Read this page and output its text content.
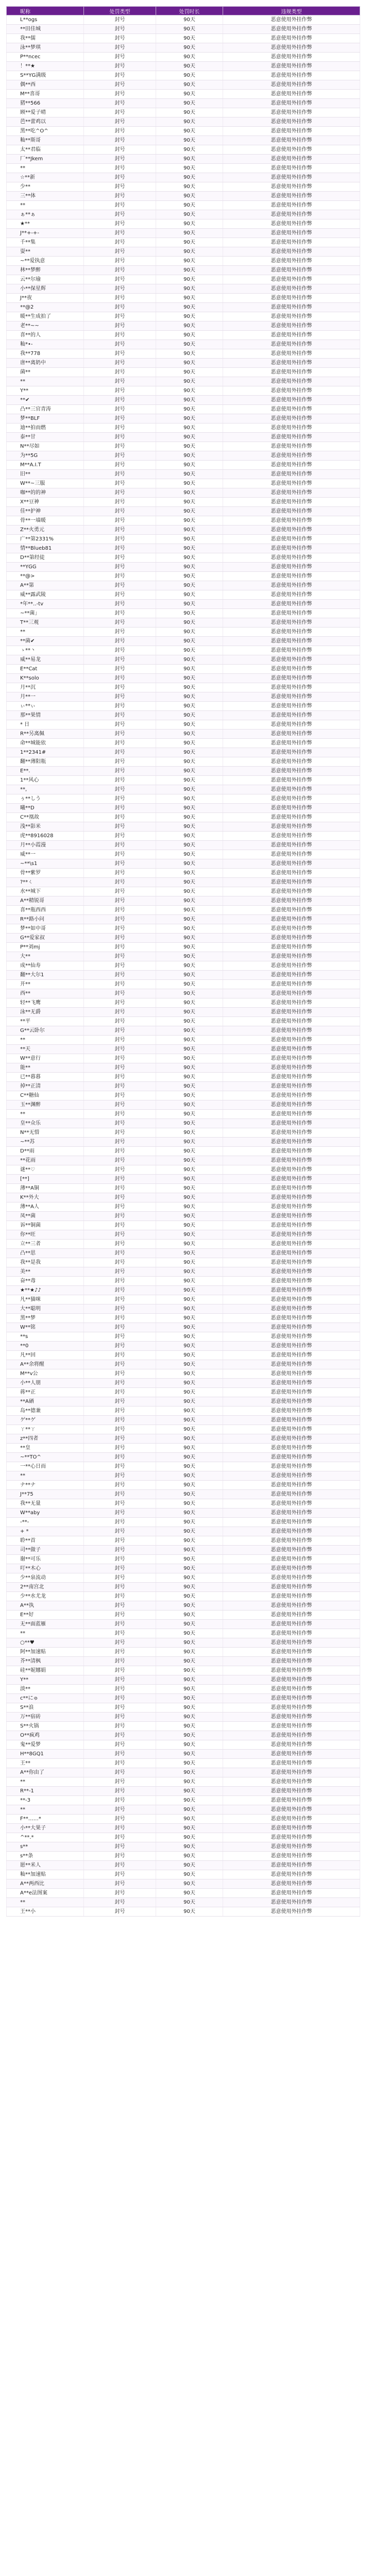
昵称	处罚类型	处罚时长	违规类型
L**ogs	封号	90天	恶意使用外挂作弊
**田佳城	封号	90天	恶意使用外挂作弊
我**儒	封号	90天	恶意使用外挂作弊
泳**梦琪	封号	90天	恶意使用外挂作弊
P**ncec	封号	90天	恶意使用外挂作弊
！**★	封号	90天	恶意使用外挂作弊
S**YG满级	封号	90天	恶意使用外挂作弊
偶**西	封号	90天	恶意使用外挂作弊
M**喜哥	封号	90天	恶意使用外挂作弊
猪**566	封号	90天	恶意使用外挂作弊
顾**爱子晴	封号	90天	恶意使用外挂作弊
芭**蕾鸡以	封号	90天	恶意使用外挂作弊
黑**吃^O^	封号	90天	恶意使用外挂作弊
籼**斯哥	封号	90天	恶意使用外挂作弊
太**君临	封号	90天	恶意使用外挂作弊
厂**Jkem	封号	90天	恶意使用外挂作弊
**	封号	90天	恶意使用外挂作弊
☆**新	封号	90天	恶意使用外挂作弊
少**	封号	90天	恶意使用外挂作弊
三**体	封号	90天	恶意使用外挂作弊
**	封号	90天	恶意使用外挂作弊
ぁ**ぁ	封号	90天	恶意使用外挂作弊
★**	封号	90天	恶意使用外挂作弊
J**+-+-	封号	90天	恶意使用外挂作弊
千**集	封号	90天	恶意使用外挂作弊
耍**	封号	90天	恶意使用外挂作弊
~**爱执意	封号	90天	恶意使用外挂作弊
林**梦醉	封号	90天	恶意使用外挂作弊
云**尔瑜	封号	90天	恶意使用外挂作弊
小**保星辉	封号	90天	恶意使用外挂作弊
J**夜	封号	90天	恶意使用外挂作弊
**@2	封号	90天	恶意使用外挂作弊
暖**生成拍了	封号	90天	恶意使用外挂作弊
老**~~	封号	90天	恶意使用外挂作弊
喜**的人	封号	90天	恶意使用外挂作弊
籼*•-	封号	90天	恶意使用外挂作弊
我**778	封号	90天	恶意使用外挂作弊
唐**离奶中	封号	90天	恶意使用外挂作弊
菌**	封号	90天	恶意使用外挂作弊
**	封号	90天	恶意使用外挂作弊
Y**	封号	90天	恶意使用外挂作弊
**✔	封号	90天	恶意使用外挂作弊
凸**三官青涛	封号	90天	恶意使用外挂作弊
梦**BLF	封号	90天	恶意使用外挂作弊
迪**拍而燃	封号	90天	恶意使用外挂作弊
泰**甘	封号	90天	恶意使用外挂作弊
N**尽如	封号	90天	恶意使用外挂作弊
为**5G	封号	90天	恶意使用外挂作弊
M**A.I.T	封号	90天	恶意使用外挂作弊
旧**	封号	90天	恶意使用外挂作弊
W**~三服	封号	90天	恶意使用外挂作弊
咖**的的神	封号	90天	恶意使用外挂作弊
X**豆神	封号	90天	恶意使用外挂作弊
佳**护神	封号	90天	恶意使用外挂作弊
骨**一墙暖	封号	90天	恶意使用外挂作弊
Z**火勇元	封号	90天	恶意使用外挂作弊
广**第2331%	封号	90天	恶意使用外挂作弊
情**Blueb81	封号	90天	恶意使用外挂作弊
D**第经徒	封号	90天	恶意使用外挂作弊
**YGG	封号	90天	恶意使用外挂作弊
**@>	封号	90天	恶意使用外挂作弊
A**第	封号	90天	恶意使用外挂作弊
威**露武陵	封号	90天	恶意使用外挂作弊
*年**‥-tv	封号	90天	恶意使用外挂作弊
~**菌」	封号	90天	恶意使用外挂作弊
T**三观	封号	90天	恶意使用外挂作弊
**	封号	90天	恶意使用外挂作弊
**菌✔	封号	90天	恶意使用外挂作弊
ゝ**丶	封号	90天	恶意使用外挂作弊
威**易龙	封号	90天	恶意使用外挂作弊
E**Cat	封号	90天	恶意使用外挂作弊
K**solo	封号	90天	恶意使用外挂作弊
月**沉	封号	90天	恶意使用外挂作弊
月**一	封号	90天	恶意使用外挂作弊
ぃ**ぃ	封号	90天	恶意使用外挂作弊
那**果情	封号	90天	恶意使用外挂作弊
* 日	封号	90天	恶意使用外挂作弊
R**另离佩	封号	90天	恶意使用外挂作弊
命**城能依	封号	90天	恶意使用外挂作弊
1**2341#	封号	90天	恶意使用外挂作弊
翻**薄阳瓶	封号	90天	恶意使用外挂作弊
E**.	封号	90天	恶意使用外挂作弊
1**风心	封号	90天	恶意使用外挂作弊
**,	封号	90天	恶意使用外挂作弊
ぅ**しう	封号	90天	恶意使用外挂作弊
曦**D	封号	90天	恶意使用外挂作弊
C**凰故	封号	90天	恶意使用外挂作弊
浅**影米	封号	90天	恶意使用外挂作弊
虎**8916028	封号	90天	恶意使用外挂作弊
月**小霞漫	封号	90天	恶意使用外挂作弊
威**一	封号	90天	恶意使用外挂作弊
~**\s1	封号	90天	恶意使用外挂作弊
骨**紫罗	封号	90天	恶意使用外挂作弊
?**ㄑ	封号	90天	恶意使用外挂作弊
水**城下	封号	90天	恶意使用外挂作弊
A**精锐哥	封号	90天	恶意使用外挂作弊
喜**瓶西西	封号	90天	恶意使用外挂作弊
R**路小问	封号	90天	恶意使用外挂作弊
梦**如中哥	封号	90天	恶意使用外挂作弊
G**爱家叔	封号	90天	恶意使用外挂作弊
P**刘mj	封号	90天	恶意使用外挂作弊
大**	封号	90天	恶意使用外挂作弊
成**仙寿	封号	90天	恶意使用外挂作弊
翻**大尔1	封号	90天	恶意使用外挂作弊
开**	封号	90天	恶意使用外挂作弊
西**	封号	90天	恶意使用外挂作弊
轻**飞鹰	封号	90天	恶意使用外挂作弊
泳**无爵	封号	90天	恶意使用外挂作弊
**平	封号	90天	恶意使用外挂作弊
G**云卧尔	封号	90天	恶意使用外挂作弊
**	封号	90天	恶意使用外挂作弊
**天	封号	90天	恶意使用外挂作弊
W**意行	封号	90天	恶意使用外挂作弊
能**	封号	90天	恶意使用外挂作弊
已**暮暮	封号	90天	恶意使用外挂作弊
掉**正清	封号	90天	恶意使用外挂作弊
C**糖仙	封号	90天	恶意使用外挂作弊
玉**渊醉	封号	90天	恶意使用外挂作弊
**	封号	90天	恶意使用外挂作弊
皇**众乐	封号	90天	恶意使用外挂作弊
N**无惜	封号	90天	恶意使用外挂作弊
~**苏	封号	90天	恶意使用外挂作弊
D**雨	封号	90天	恶意使用外挂作弊
**花雨	封号	90天	恶意使用外挂作弊
谜**♡	封号	90天	恶意使用外挂作弊
[**]	封号	90天	恶意使用外挂作弊
薄**A铜	封号	90天	恶意使用外挂作弊
K**外大	封号	90天	恶意使用外挂作弊
薄**A人	封号	90天	恶意使用外挂作弊
凤**菌	封号	90天	恶意使用外挂作弊
诉**铜菌	封号	90天	恶意使用外挂作弊
你**旺	封号	90天	恶意使用外挂作弊
立**三者	封号	90天	恶意使用外挂作弊
凸**思	封号	90天	恶意使用外挂作弊
我**是我	封号	90天	恶意使用外挂作弊
美**	封号	90天	恶意使用外挂作弊
奋**毒	封号	90天	恶意使用外挂作弊
★**★♪♪	封号	90天	恶意使用外挂作弊
凡**猫咪	封号	90天	恶意使用外挂作弊
大**聪明	封号	90天	恶意使用外挂作弊
黑**梦	封号	90天	恶意使用外挂作弊
W**铭	封号	90天	恶意使用外挂作弊
**s	封号	90天	恶意使用外挂作弊
**0	封号	90天	恶意使用外挂作弊
凡**回	封号	90天	恶意使用外挂作弊
A**余将醒	封号	90天	恶意使用外挂作弊
M**v公	封号	90天	恶意使用外挂作弊
小**人朋	封号	90天	恶意使用外挂作弊
蒋**正	封号	90天	恶意使用外挂作弊
**A硒	封号	90天	恶意使用外挂作弊
岛**德兼	封号	90天	恶意使用外挂作弊
ゲ**ゲ	封号	90天	恶意使用外挂作弊
ㄚ**ㄚ	封号	90天	恶意使用外挂作弊
z**四者	封号	90天	恶意使用外挂作弊
**皇	封号	90天	恶意使用外挂作弊
~**TO^	封号	90天	恶意使用外挂作弊
一**心日而	封号	90天	恶意使用外挂作弊
**	封号	90天	恶意使用外挂作弊
ナ**ナ	封号	90天	恶意使用外挂作弊
J**75	封号	90天	恶意使用外挂作弊
我**无量	封号	90天	恶意使用外挂作弊
W**aby	封号	90天	恶意使用外挂作弊
-**-	封号	90天	恶意使用外挂作弊
+ *	封号	90天	恶意使用外挂作弊
聆**首	封号	90天	恶意使用外挂作弊
司**做子	封号	90天	恶意使用外挂作弊
谢**可乐	封号	90天	恶意使用外挂作弊
叮**木心	封号	90天	恶意使用外挂作弊
少**泉流动	封号	90天	恶意使用外挂作弊
2**南宫北	封号	90天	恶意使用外挂作弊
少**水尤龙	封号	90天	恶意使用外挂作弊
A**执	封号	90天	恶意使用外挂作弊
E**好	封号	90天	恶意使用外挂作弊
无**面蓝雁	封号	90天	恶意使用外挂作弊
**	封号	90天	恶意使用外挂作弊
○**♥	封号	90天	恶意使用外挂作弊
阿**加速贴	封号	90天	恶意使用外挂作弊
芥**清枫	封号	90天	恶意使用外挂作弊
硅**妮娜娟	封号	90天	恶意使用外挂作弊
Y**	封号	90天	恶意使用外挂作弊
淡**	封号	90天	恶意使用外挂作弊
c**にゅ	封号	90天	恶意使用外挂作弊
S**浪	封号	90天	恶意使用外挂作弊
万**宿砖	封号	90天	恶意使用外挂作弊
S**火锅	封号	90天	恶意使用外挂作弊
O**疯鸡	封号	90天	恶意使用外挂作弊
鬼**爱梦	封号	90天	恶意使用外挂作弊
H**8GQ1	封号	90天	恶意使用外挂作弊
王**	封号	90天	恶意使用外挂作弊
A**你由了	封号	90天	恶意使用外挂作弊
**	封号	90天	恶意使用外挂作弊
R**-1	封号	90天	恶意使用外挂作弊
**-3	封号	90天	恶意使用外挂作弊
**	封号	90天	恶意使用外挂作弊
F**……*	封号	90天	恶意使用外挂作弊
小**大果子	封号	90天	恶意使用外挂作弊
^**.*	封号	90天	恶意使用外挂作弊
s**	封号	90天	恶意使用外挂作弊
s**条	封号	90天	恶意使用外挂作弊
愿**米人	封号	90天	恶意使用外挂作弊
籼**加速贴	封号	90天	恶意使用外挂作弊
A**两西比	封号	90天	恶意使用外挂作弊
A**e法图案	封号	90天	恶意使用外挂作弊
**	封号	90天	恶意使用外挂作弊
王**小	封号	90天	恶意使用外挂作弊
